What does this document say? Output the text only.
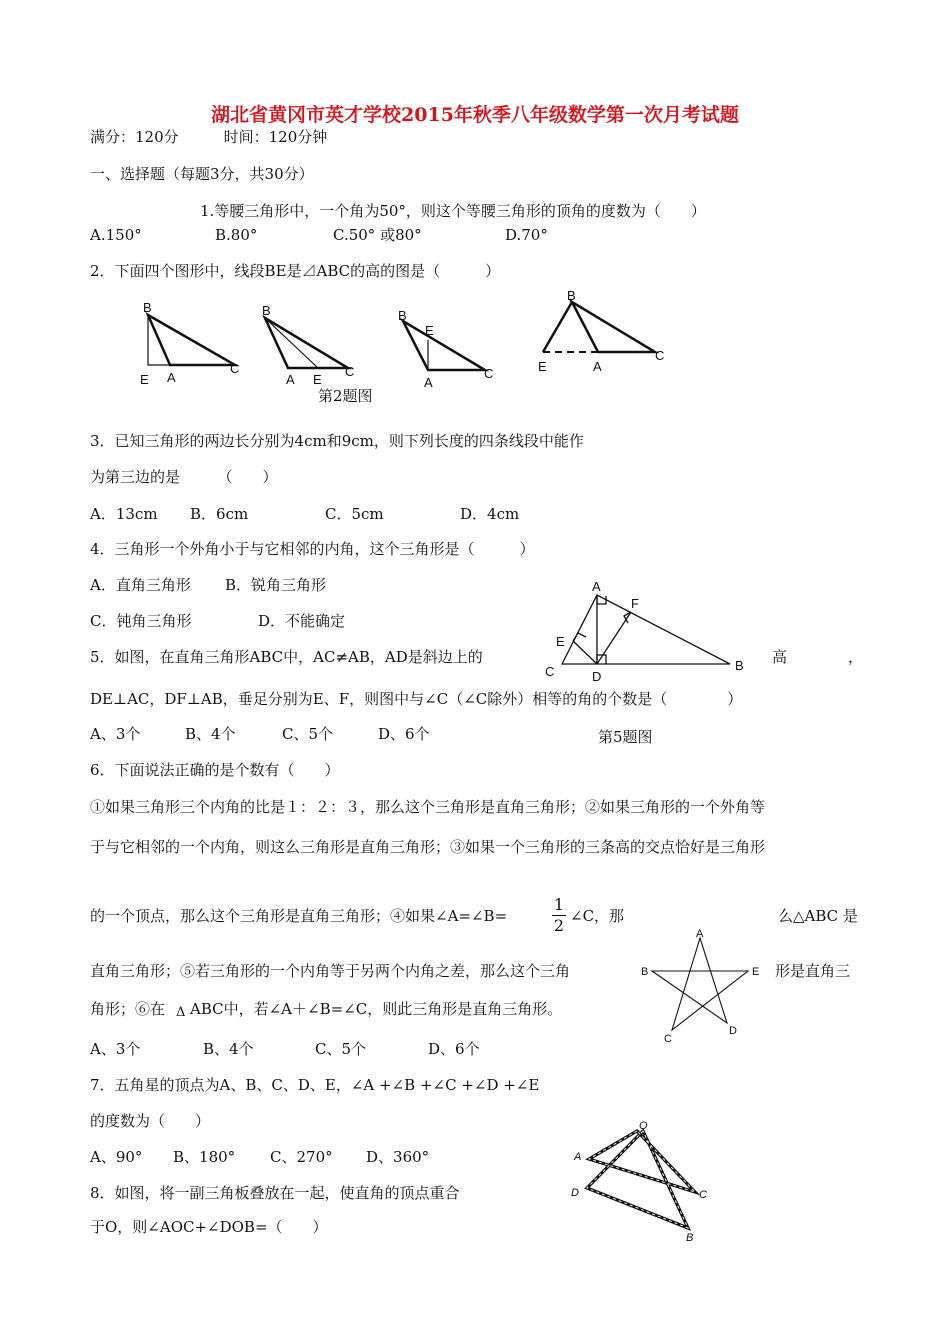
湖北省黄冈市英才学校2015年秋季八年级数学第一次月考试题
满分：120分　　　时间：120分钟
一、选择题（每题3分，共30分）
1.等腰三角形中，一个角为50°，则这个等腰三角形的顶角的度数为（　　）
A.150°	B.80°	C.50° 或80°	D.70°
2．下面四个图形中，线段BE是⊿ABC的高的图是（　　　）
B
E A
C
B
A E
C
B
E
A
C
B
E	A
C
第2题图
3．已知三角形的两边长分别为4cm和9cm，则下列长度的四条线段中能作
为第三边的是　　　（　　）
A．13cm B．6cm	C．5cm	D．4cm
4．三角形一个外角小于与它相邻的内角，这个三角形是（　　　）
A．直角三角形 B．锐角三角形
C．钝角三角形	D．不能确定
A
F
E
C	D
B
5．如图，在直角三角形ABC中，AC≠AB，AD是斜边上的	高	，
DE⊥AC，DF⊥AB，垂足分别为E、F，则图中与∠C（∠C除外）相等的角的个数是（　　　　）
A、3个	B、4个	C、5个	D、6个	第5题图
6．下面说法正确的是个数有（　　）
①如果三角形三个内角的比是１：２：３，那么这个三角形是直角三角形；②如果三角形的一个外角等
于与它相邻的一个内角，则这么三角形是直角三角形；③如果一个三角形的三条高的交点恰好是三角形
的一个顶点，那么这个三角形是直角三角形；④如果∠A=∠B=
1
2 ∠C，那	么△ABC 是
直角三角形；⑤若三角形的一个内角等于另两个内角之差，那么这个三角	形是直角三
角形；⑥在 Δ ABC中，若∠A＋∠B=∠C，则此三角形是直角三角形。
A、3个	B、4个	C、5个	D、6个
A
B	E
C
D
7．五角星的顶点为A、B、C、D、E，∠A +∠B +∠C +∠D +∠E
的度数为（　　）
A、90° B、180° C、270° D、360°
O
A
D	C
B
8．如图，将一副三角板叠放在一起，使直角的顶点重合
于O，则∠AOC+∠DOB=（　　）
